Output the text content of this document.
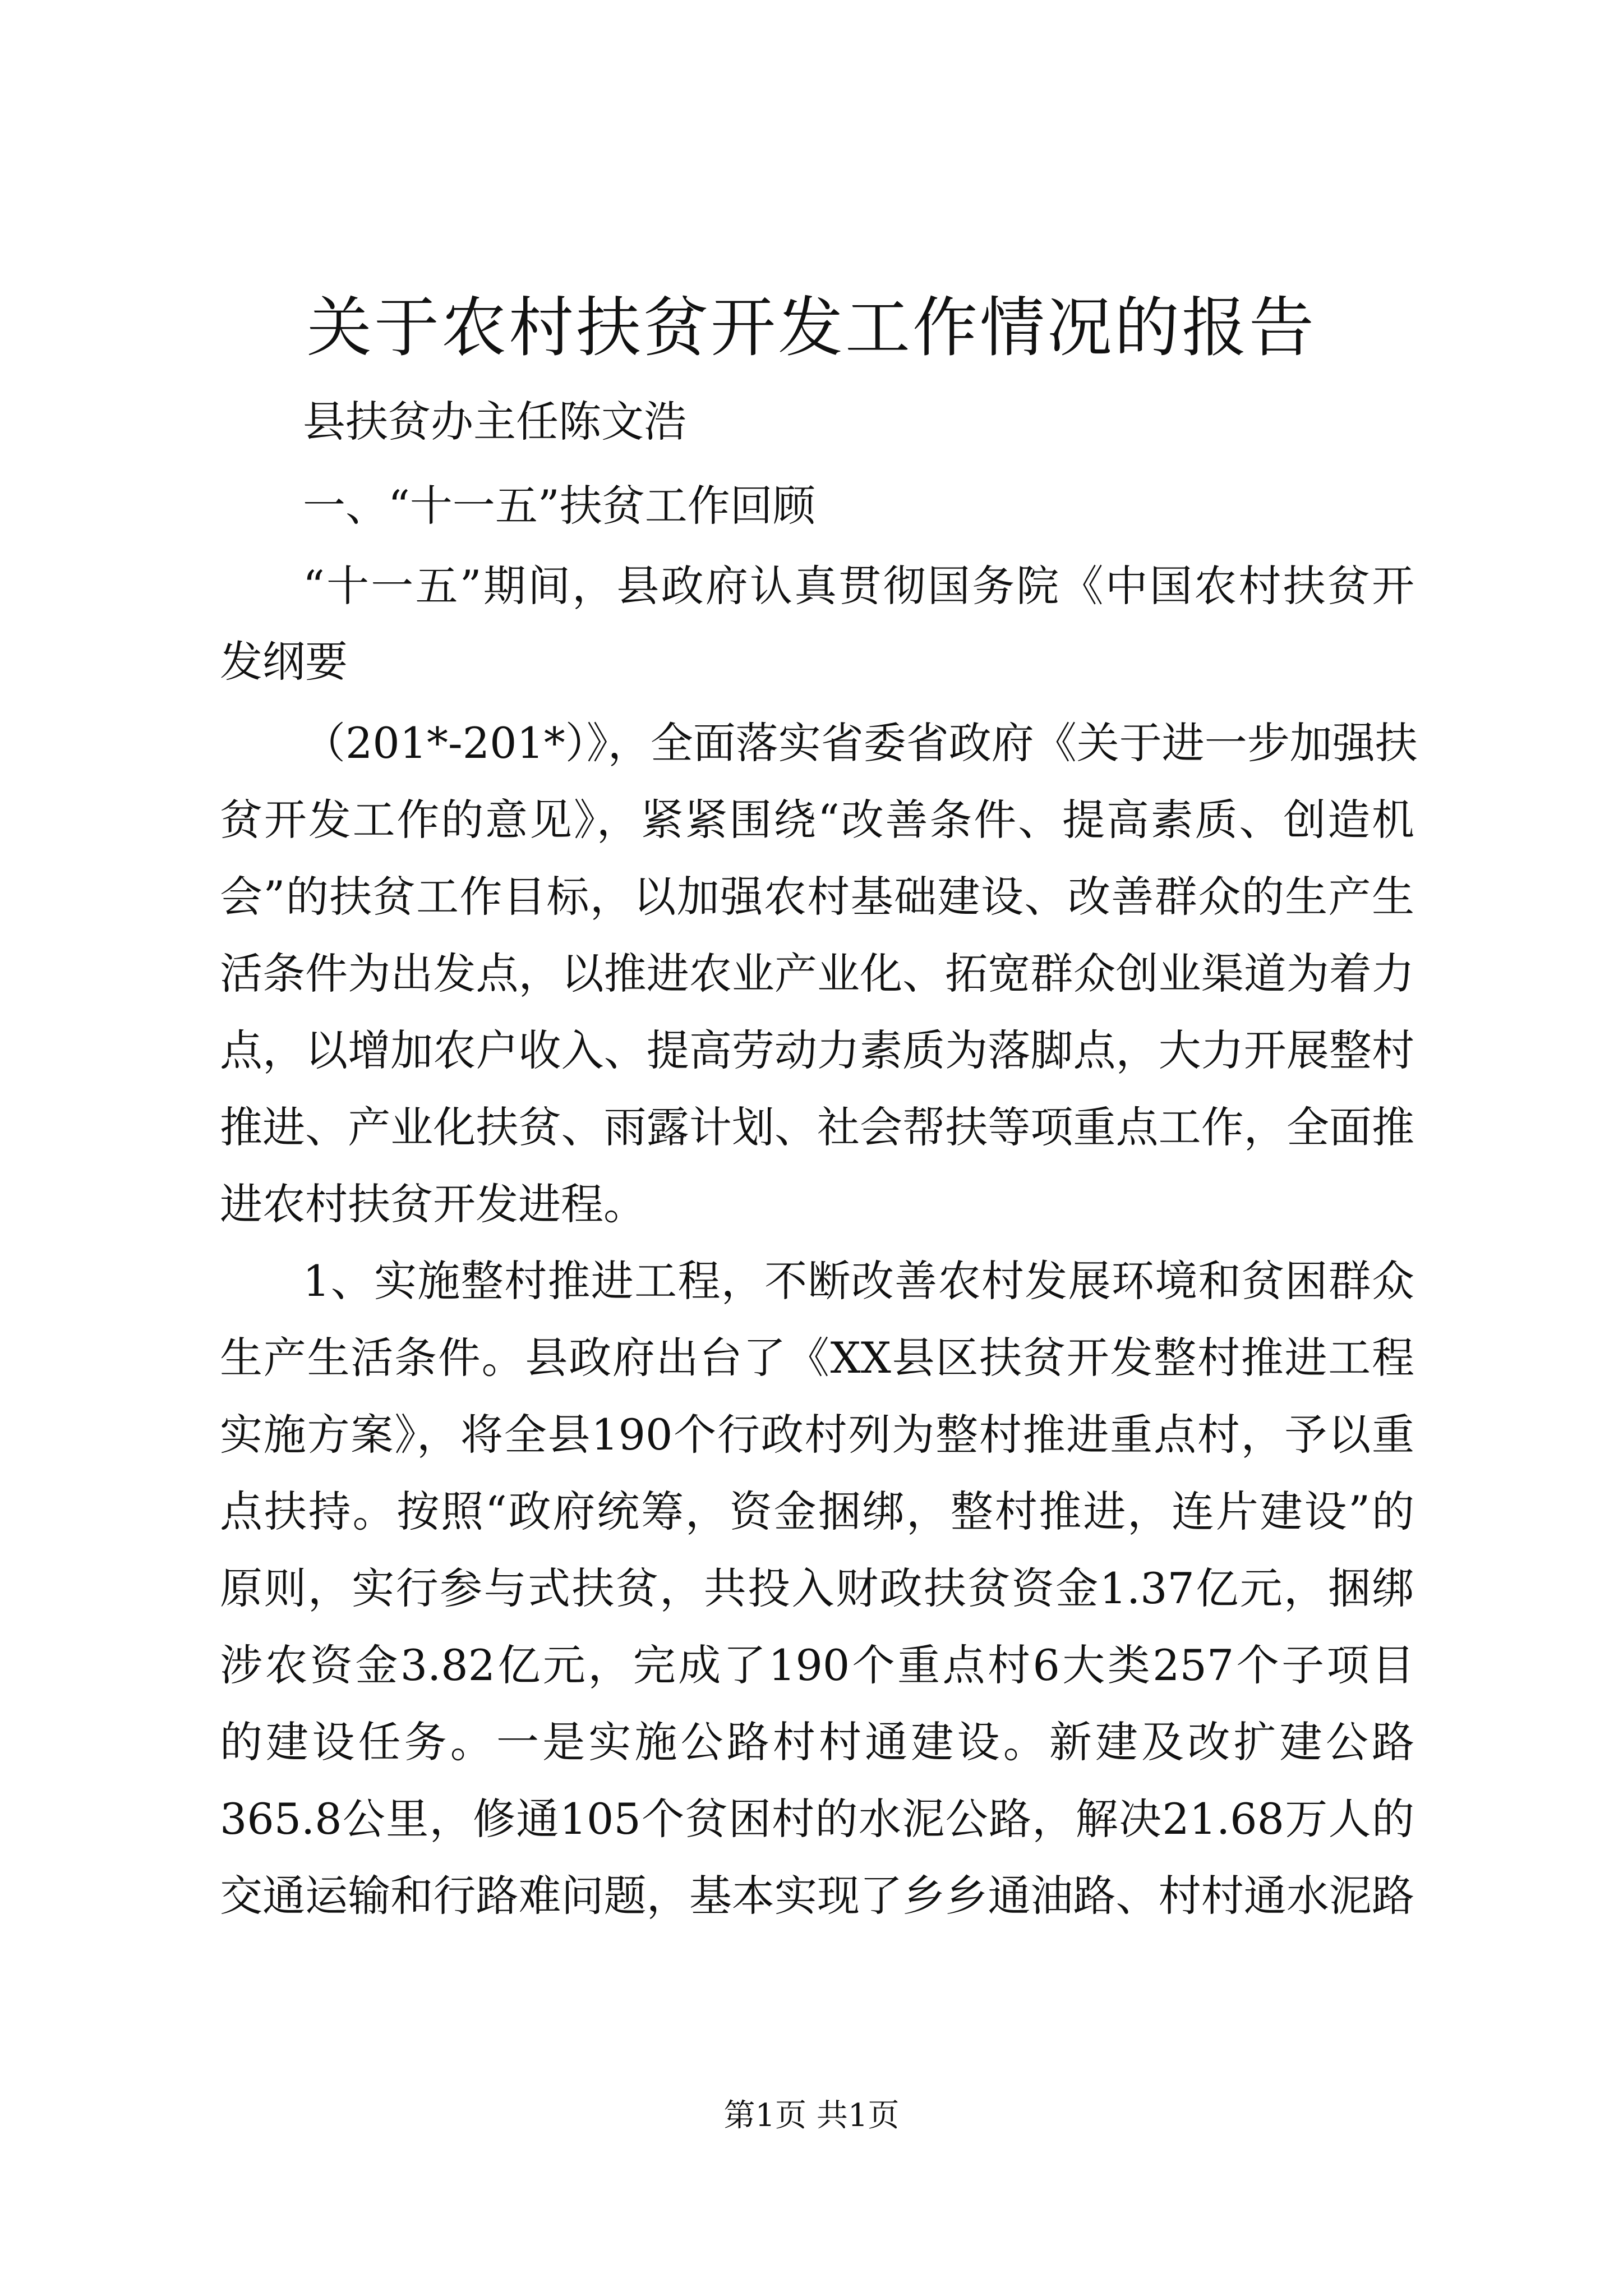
关于农村扶贫开发工作情况的报告

县扶贫办主任陈文浩

一、“十一五”扶贫工作回顾

“十一五”期间，县政府认真贯彻国务院《中国农村扶贫开

发纲要

（201*-201*）》，全面落实省委省政府《关于进一步加强扶

贫开发工作的意见》，紧紧围绕“改善条件、提高素质、创造机

会”的扶贫工作目标，以加强农村基础建设、改善群众的生产生

活条件为出发点，以推进农业产业化、拓宽群众创业渠道为着力

点，以增加农户收入、提高劳动力素质为落脚点，大力开展整村

推进、产业化扶贫、雨露计划、社会帮扶等项重点工作，全面推

进农村扶贫开发进程。

1、实施整村推进工程，不断改善农村发展环境和贫困群众

生产生活条件。县政府出台了《XX县区扶贫开发整村推进工程

实施方案》，将全县190个行政村列为整村推进重点村，予以重

点扶持。按照“政府统筹，资金捆绑，整村推进，连片建设”的

原则，实行参与式扶贫，共投入财政扶贫资金1.37亿元，捆绑

涉农资金3.82亿元，完成了190个重点村6大类257个子项目

的建设任务。一是实施公路村村通建设。新建及改扩建公路

365.8公里，修通105个贫困村的水泥公路，解决21.68万人的

交通运输和行路难问题，基本实现了乡乡通油路、村村通水泥路

第1页 共1页
